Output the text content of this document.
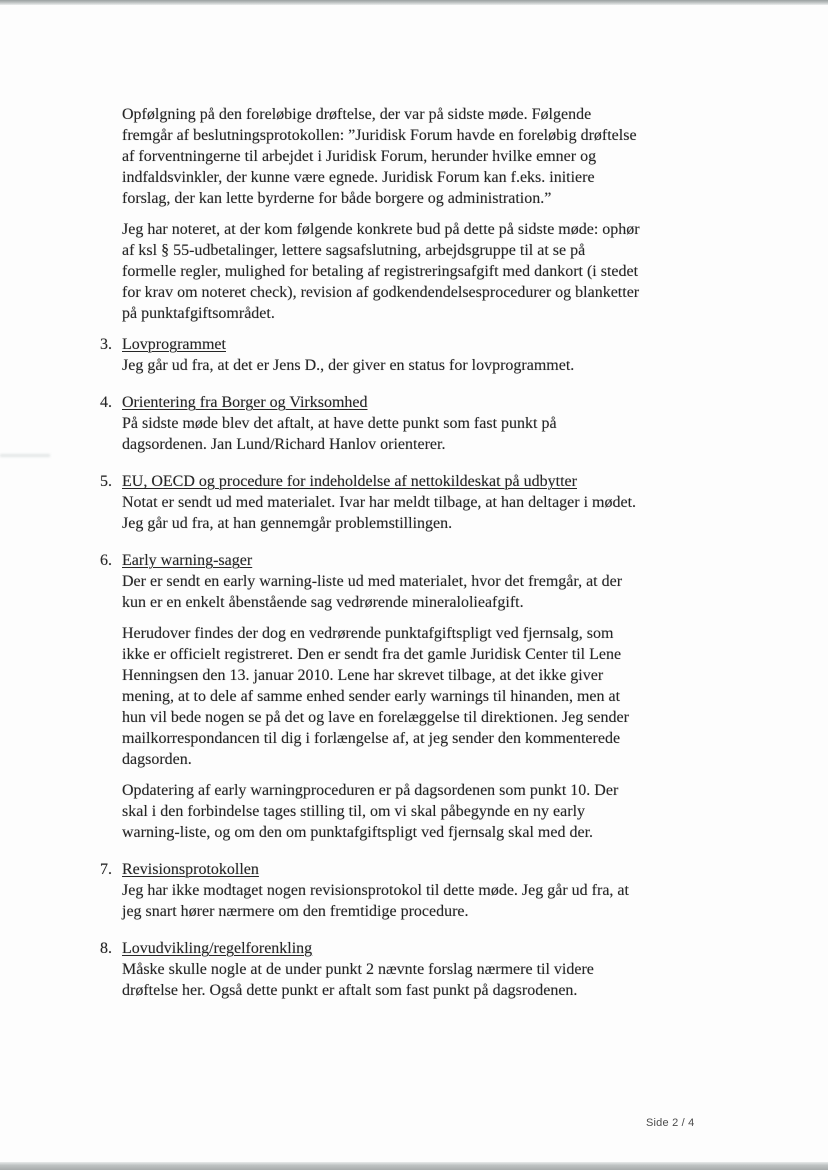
Opfølgning på den foreløbige drøftelse, der var på sidste møde. Følgende fremgår af beslutningsprotokollen: ”Juridisk Forum havde en foreløbig drøftelse af forventningerne til arbejdet i Juridisk Forum, herunder hvilke emner og indfaldsvinkler, der kunne være egnede. Juridisk Forum kan f.eks. initiere forslag, der kan lette byrderne for både borgere og administration.”

Jeg har noteret, at der kom følgende konkrete bud på dette på sidste møde: ophør af ksl § 55-udbetalinger, lettere sagsafslutning, arbejdsgruppe til at se på formelle regler, mulighed for betaling af registreringsafgift med dankort (i stedet for krav om noteret check), revision af godkendendelsesprocedurer og blanketter på punktafgiftsområdet.

3. Lovprogrammet

Jeg går ud fra, at det er Jens D., der giver en status for lovprogrammet.

4. Orientering fra Borger og Virksomhed

På sidste møde blev det aftalt, at have dette punkt som fast punkt på dagsordenen. Jan Lund/Richard Hanlov orienterer.

5. EU, OECD og procedure for indeholdelse af nettokildeskat på udbytter

Notat er sendt ud med materialet. Ivar har meldt tilbage, at han deltager i mødet. Jeg går ud fra, at han gennemgår problemstillingen.

6. Early warning-sager

Der er sendt en early warning-liste ud med materialet, hvor det fremgår, at der kun er en enkelt åbenstående sag vedrørende mineralolieafgift.

Herudover findes der dog en vedrørende punktafgiftspligt ved fjernsalg, som ikke er officielt registreret. Den er sendt fra det gamle Juridisk Center til Lene Henningsen den 13. januar 2010. Lene har skrevet tilbage, at det ikke giver mening, at to dele af samme enhed sender early warnings til hinanden, men at hun vil bede nogen se på det og lave en forelæggelse til direktionen. Jeg sender mailkorrespondancen til dig i forlængelse af, at jeg sender den kommenterede dagsorden.

Opdatering af early warningproceduren er på dagsordenen som punkt 10. Der skal i den forbindelse tages stilling til, om vi skal påbegynde en ny early warning-liste, og om den om punktafgiftspligt ved fjernsalg skal med der.

7. Revisionsprotokollen

Jeg har ikke modtaget nogen revisionsprotokol til dette møde. Jeg går ud fra, at jeg snart hører nærmere om den fremtidige procedure.

8. Lovudvikling/regelforenkling

Måske skulle nogle at de under punkt 2 nævnte forslag nærmere til videre drøftelse her. Også dette punkt er aftalt som fast punkt på dagsrodenen.

Side 2 / 4
